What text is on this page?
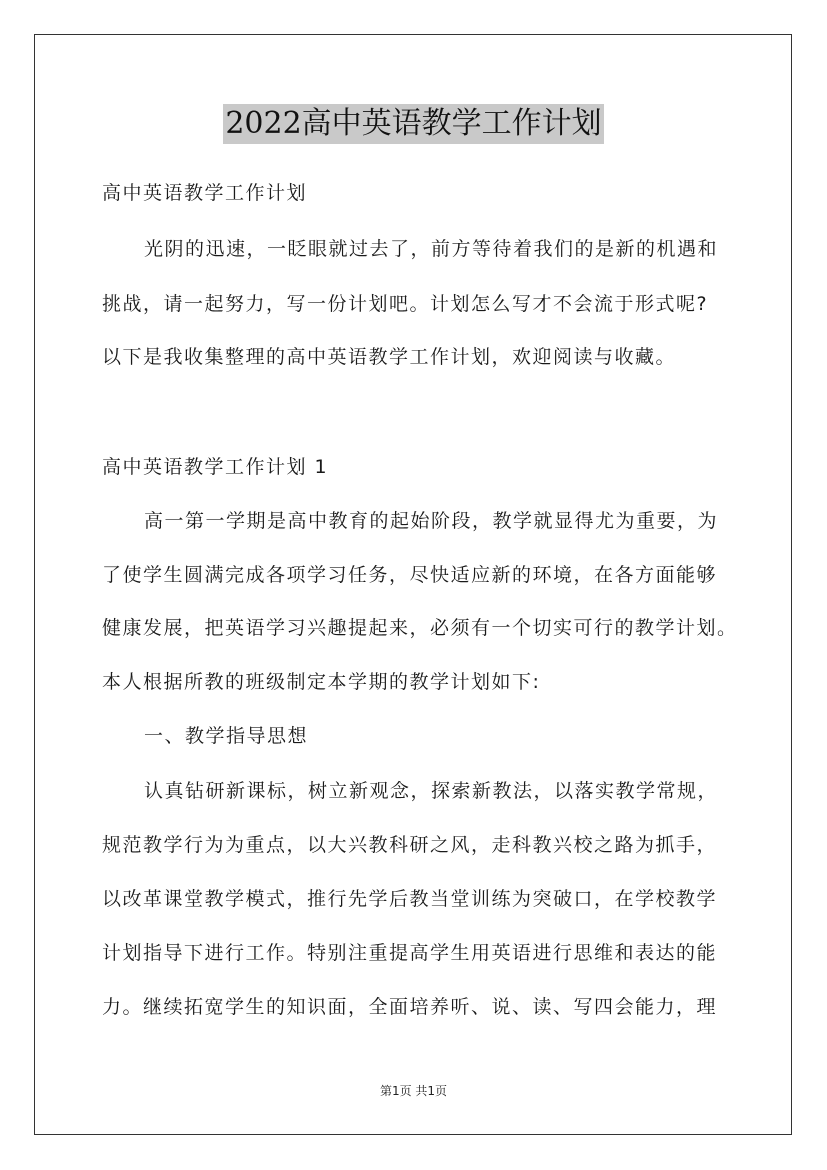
2022高中英语教学工作计划
高中英语教学工作计划
光阴的迅速，一眨眼就过去了，前方等待着我们的是新的机遇和
挑战，请一起努力，写一份计划吧。计划怎么写才不会流于形式呢?
以下是我收集整理的高中英语教学工作计划，欢迎阅读与收藏。
高中英语教学工作计划 1
高一第一学期是高中教育的起始阶段，教学就显得尤为重要，为
了使学生圆满完成各项学习任务，尽快适应新的环境，在各方面能够
健康发展，把英语学习兴趣提起来，必须有一个切实可行的教学计划。
本人根据所教的班级制定本学期的教学计划如下:
一、教学指导思想
认真钻研新课标，树立新观念，探索新教法，以落实教学常规，
规范教学行为为重点，以大兴教科研之风，走科教兴校之路为抓手，
以改革课堂教学模式，推行先学后教当堂训练为突破口，在学校教学
计划指导下进行工作。特别注重提高学生用英语进行思维和表达的能
力。继续拓宽学生的知识面，全面培养听、说、读、写四会能力，理
第1页 共1页
